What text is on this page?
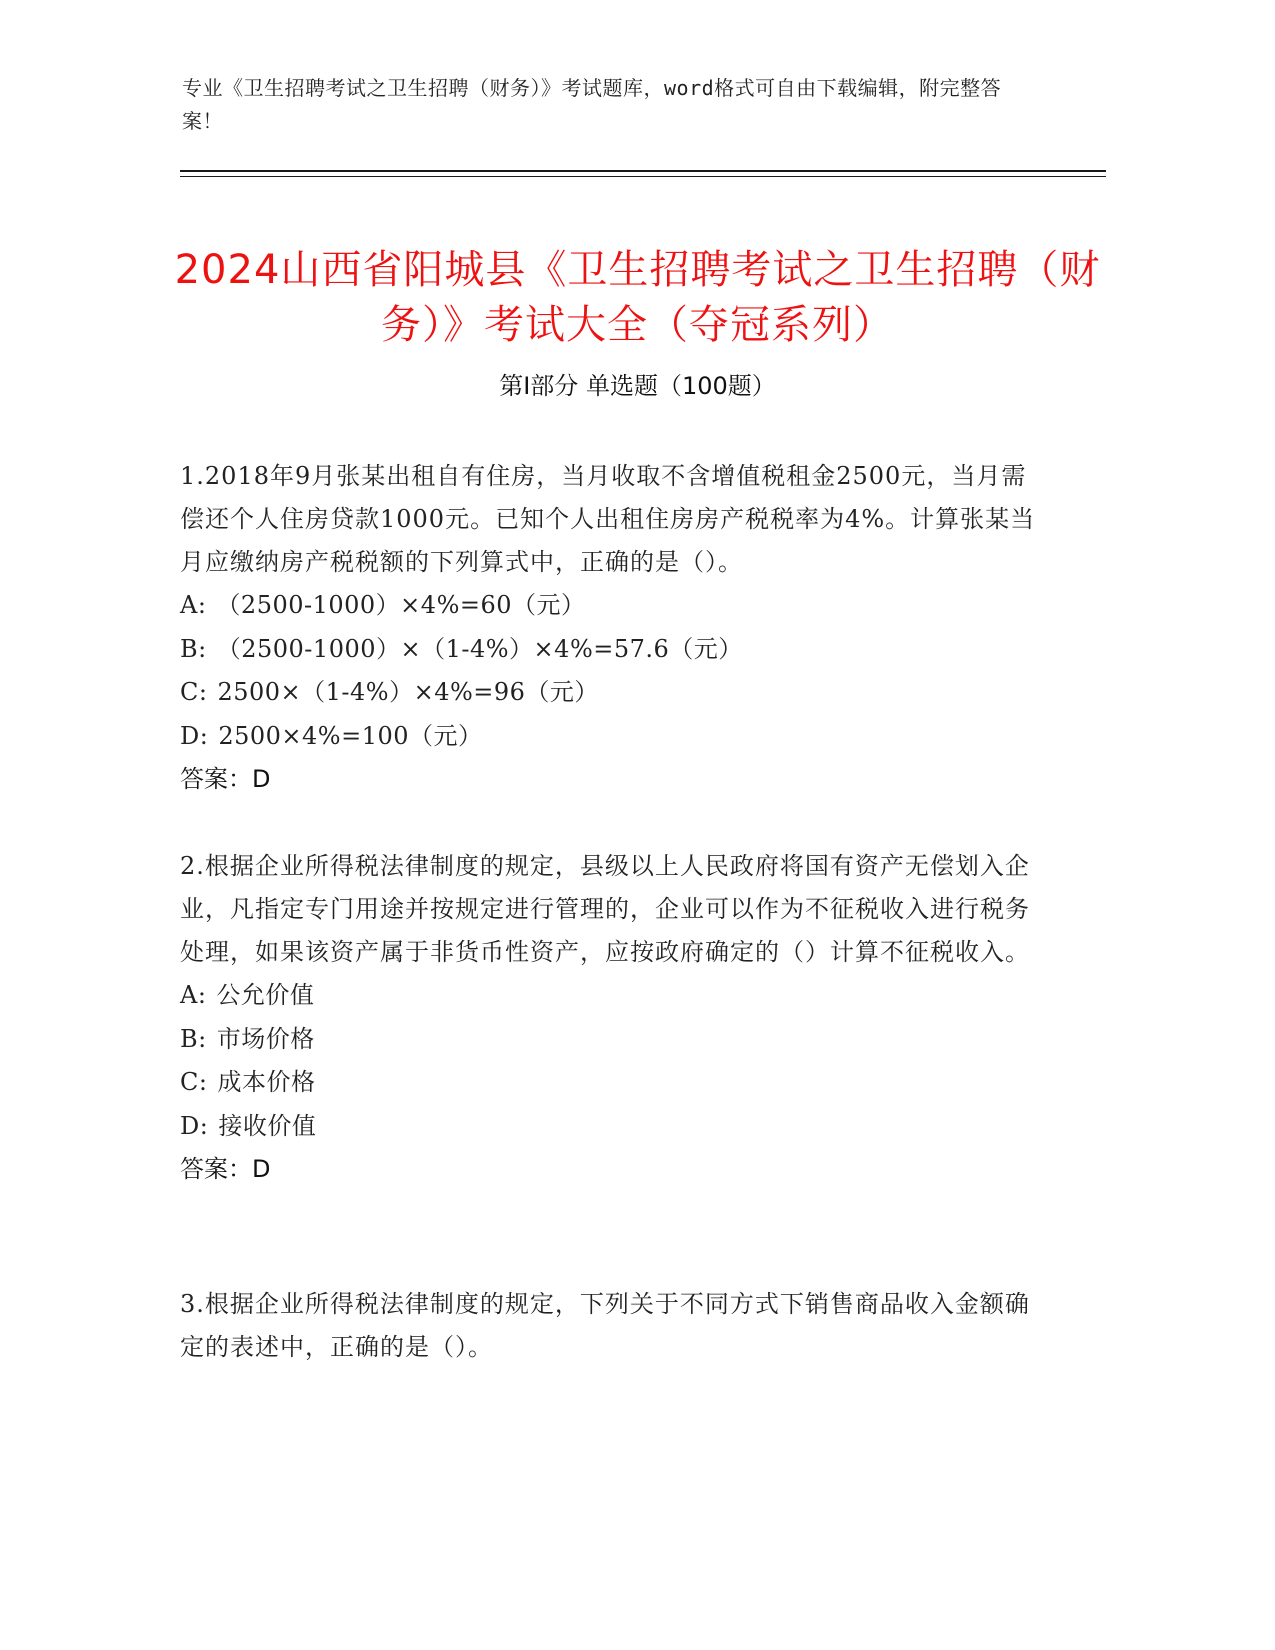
专业《卫生招聘考试之卫生招聘（财务）》考试题库，word格式可自由下载编辑，附完整答案！
2024山西省阳城县《卫生招聘考试之卫生招聘（财务）》考试大全（夺冠系列）
第Ⅰ部分 单选题（100题）

1.2018年9月张某出租自有住房，当月收取不含增值税租金2500元，当月需偿还个人住房贷款1000元。已知个人出租住房房产税税率为4%。计算张某当月应缴纳房产税税额的下列算式中，正确的是（）。

A: （2500-1000）×4%=60（元）

B: （2500-1000）×（1-4%）×4%=57.6（元）

C: 2500×（1-4%）×4%=96（元）

D: 2500×4%=100（元）

答案：D

2.根据企业所得税法律制度的规定，县级以上人民政府将国有资产无偿划入企业，凡指定专门用途并按规定进行管理的，企业可以作为不征税收入进行税务处理，如果该资产属于非货币性资产，应按政府确定的（）计算不征税收入。

A: 公允价值

B: 市场价格

C: 成本价格

D: 接收价值

答案：D

3.根据企业所得税法律制度的规定，下列关于不同方式下销售商品收入金额确定的表述中，正确的是（）。
